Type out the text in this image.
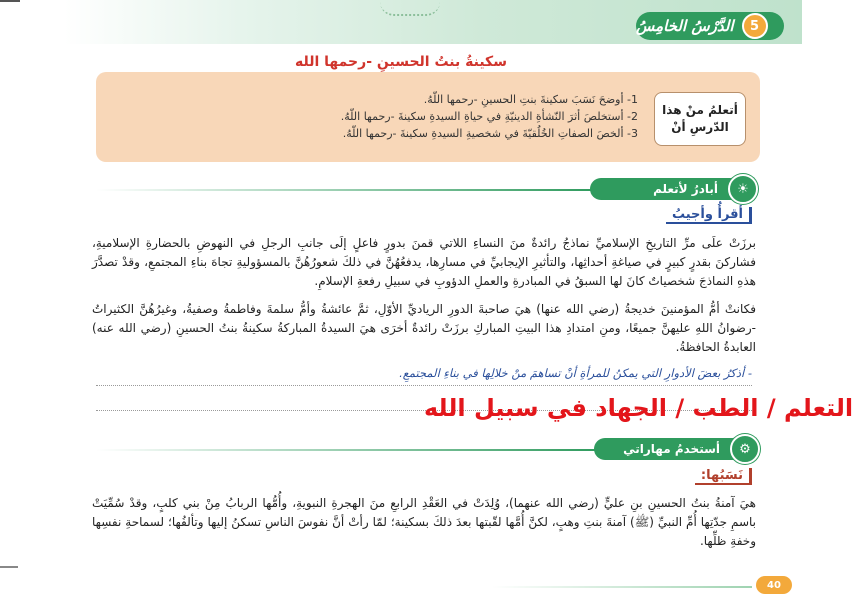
5
الدَّرْسُ الخامِسُ
سكينةُ بنتُ الحسينِ -رحمها الله
أتعلمُ منْ هذا
الدّرسِ أنْ
1- أوضحَ نَسَبَ سكينةَ بنتِ الحسينِ -رحمها اللّهُ.
2- أستخلصَ أثرَ النّشأةِ الدينيّةِ في حياةِ السيدةِ سكينةَ -رحمها اللّهُ.
3- ألخصَ الصفاتِ الخُلُقيّةَ في شخصيةِ السيدةِ سكينةَ -رحمها اللّهُ.
☀
أبادرُ لأتعلم
أقرأُ وأجيبُ
برزَتْ علَى مرِّ التاريخِ الإسلاميِّ نماذجُ رائدةٌ منَ النساءِ اللاتي قمنَ بدورٍ فاعلٍ إلَى جانبِ الرجلِ في النهوضِ بالحضارةِ الإسلاميةِ، فشاركنَ بقدرٍ كبيرٍ في صياغةِ أحداثِها، والتأثيرِ الإيجابيِّ في مسارِها، يدفعُهُنَّ في ذلكَ شعورُهُنَّ بالمسؤوليةِ تجاهَ بناءِ المجتمعِ، وقدْ تصدَّرَ هذهِ النماذجَ شخصياتٌ كانَ لها السبقُ في المبادرةِ والعملِ الدؤوبِ في سبيلِ رفعةِ الإسلامِ.
فكانتْ أمُّ المؤمنينَ خديجةُ (رضي الله عنها) هيَ صاحبةَ الدورِ الرياديِّ الأوّلِ، ثمَّ عائشةُ وأمُّ سلمةَ وفاطمةُ وصفيةُ، وغيرُهُنَّ الكثيراتُ -رضوانُ اللهِ عليهنَّ جميعًا، ومنِ امتدادِ هذا البيتِ المباركِ برزَتْ رائدةٌ أخرَى هيَ السيدةُ المباركةُ سكينةُ بنتُ الحسينِ (رضي الله عنه) العابدةُ الحافظةُ.
- أذكرُ بعضَ الأدوارِ التي يمكنُ للمرأةِ أنْ تساهمَ منْ خلالِها في بناءِ المجتمعِ.
التعلم / الطب / الجهاد في سبيل الله
⚙
أستخدمُ مهاراتي
نَسَبُها:
هيَ آمنةُ بنتُ الحسينِ بنِ عليٍّ (رضي الله عنهما)، وُلِدَتْ في العَقْدِ الرابعِ منَ الهجرةِ النبويةِ، وأُمُّها الربابُ مِنْ بني كلبٍ، وقدْ سُمِّيَتْ باسمِ جدّتِها أُمِّ النبيِّ (ﷺ) آمنةَ بنتِ وهبٍ، لكنَّ أُمَّها لقّبتها بعدَ ذلكَ بسكينة؛ لمّا رأتْ أنَّ نفوسَ الناسِ تسكنُ إليها وتألفُها؛ لسماحةِ نفسِها وخفةِ ظلِّها.
40
